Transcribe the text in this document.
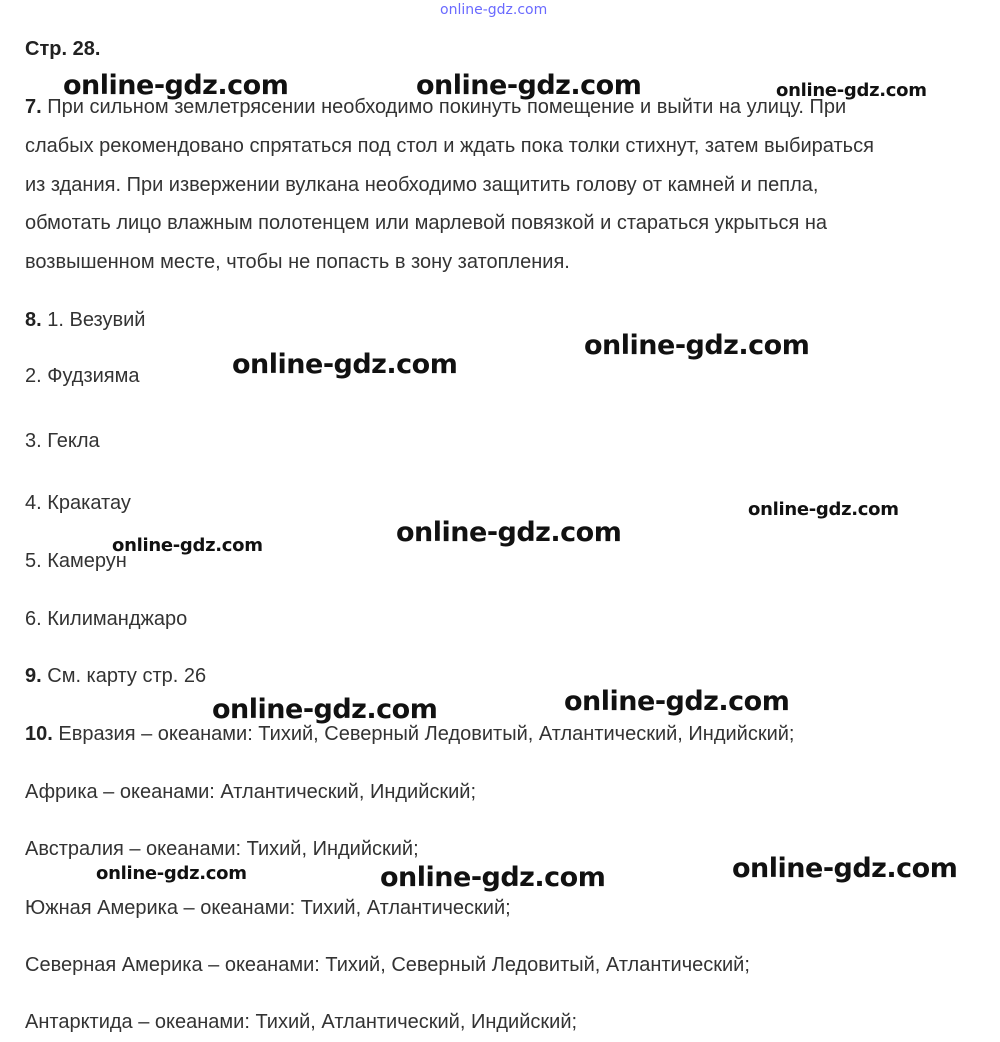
online-gdz.com
Стр. 28.
7. При сильном землетрясении необходимо покинуть помещение и выйти на улицу. При
слабых рекомендовано спрятаться под стол и ждать пока толки стихнут, затем выбираться
из здания. При извержении вулкана необходимо защитить голову от камней и пепла,
обмотать лицо влажным полотенцем или марлевой повязкой и стараться укрыться на
возвышенном месте, чтобы не попасть в зону затопления.
8. 1. Везувий
2. Фудзияма
3. Гекла
4. Кракатау
5. Камерун
6. Килиманджаро
9. См. карту стр. 26
10. Евразия – океанами: Тихий, Северный Ледовитый, Атлантический, Индийский;
Африка – океанами: Атлантический, Индийский;
Австралия – океанами: Тихий, Индийский;
Южная Америка – океанами: Тихий, Атлантический;
Северная Америка – океанами: Тихий, Северный Ледовитый, Атлантический;
Антарктида – океанами: Тихий, Атлантический, Индийский;
online-gdz.com	online-gdz.com	online-gdz.com
online-gdz.com
online-gdz.com
online-gdz.com
online-gdz.com
online-gdz.com
online-gdz.com
online-gdz.com
online-gdz.com
online-gdz.com	online-gdz.com
